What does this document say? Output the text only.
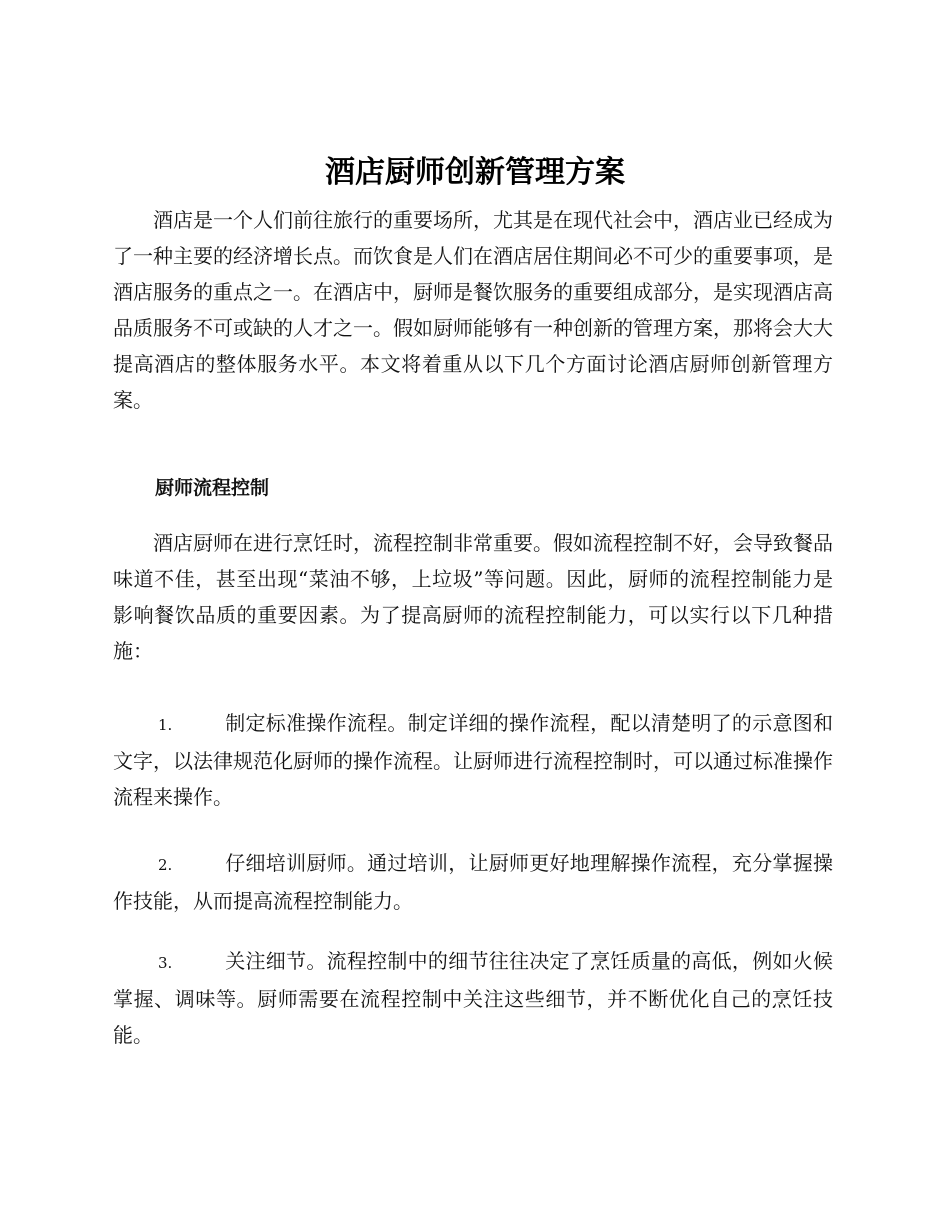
酒店厨师创新管理方案

酒店是一个人们前往旅行的重要场所，尤其是在现代社会中，酒店业已经成为了一种主要的经济增长点。而饮食是人们在酒店居住期间必不可少的重要事项，是酒店服务的重点之一。在酒店中，厨师是餐饮服务的重要组成部分，是实现酒店高品质服务不可或缺的人才之一。假如厨师能够有一种创新的管理方案，那将会大大提高酒店的整体服务水平。本文将着重从以下几个方面讨论酒店厨师创新管理方案。

厨师流程控制

酒店厨师在进行烹饪时，流程控制非常重要。假如流程控制不好，会导致餐品味道不佳，甚至出现“菜油不够，上垃圾”等问题。因此，厨师的流程控制能力是影响餐饮品质的重要因素。为了提高厨师的流程控制能力，可以实行以下几种措施：

1.	制定标准操作流程。制定详细的操作流程，配以清楚明了的示意图和文字，以法律规范化厨师的操作流程。让厨师进行流程控制时，可以通过标准操作流程来操作。

2.	仔细培训厨师。通过培训，让厨师更好地理解操作流程，充分掌握操作技能，从而提高流程控制能力。

3.	关注细节。流程控制中的细节往往决定了烹饪质量的高低，例如火候掌握、调味等。厨师需要在流程控制中关注这些细节，并不断优化自己的烹饪技能。
